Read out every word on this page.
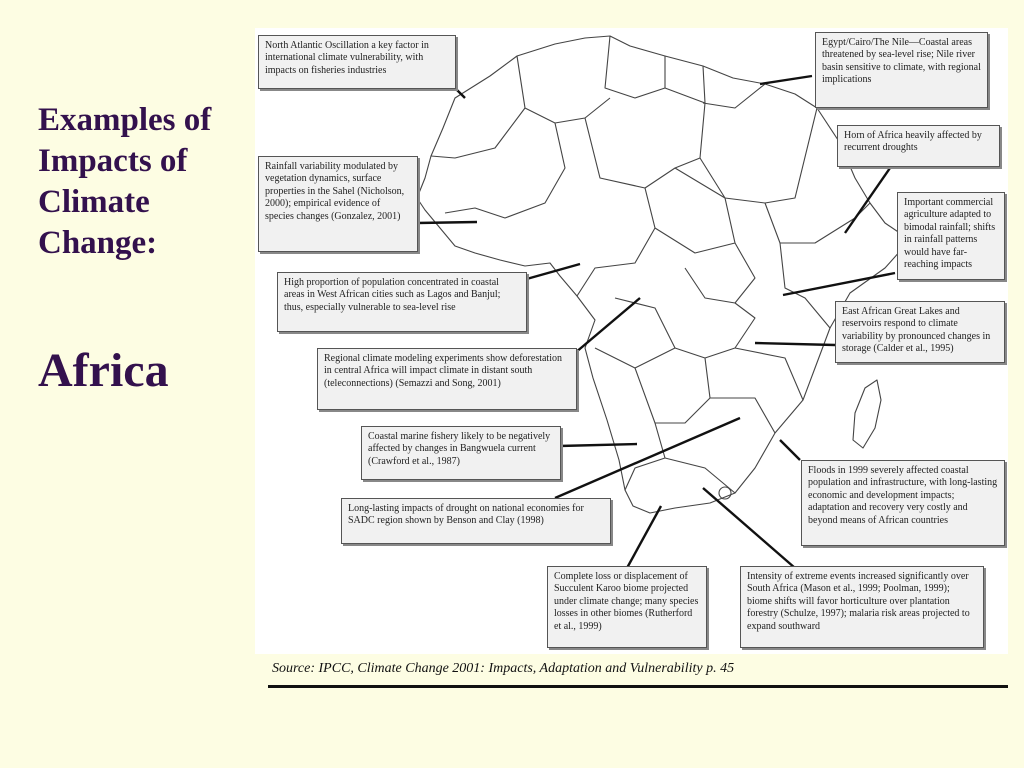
Examples of
Impacts of
Climate
Change:
Africa
North Atlantic Oscillation a key factor in international climate vulnerability, with impacts on fisheries industries
Egypt/Cairo/The Nile—Coastal areas threatened by sea-level rise; Nile river basin sensitive to climate, with regional implications
Horn of Africa heavily affected by recurrent droughts
Rainfall variability modulated by vegetation dynamics, surface properties in the Sahel (Nicholson, 2000); empirical evidence of species changes (Gonzalez, 2001)
Important commercial agriculture adapted to bimodal rainfall; shifts in rainfall patterns would have far-reaching impacts
High proportion of population concentrated in coastal areas in West African cities such as Lagos and Banjul; thus, especially vulnerable to sea-level rise	East African Great Lakes and reservoirs respond to climate variability by pronounced changes in storage (Calder et al., 1995)
Regional climate modeling experiments show deforestation in central Africa will impact climate in distant south (teleconnections) (Semazzi and Song, 2001)
Coastal marine fishery likely to be negatively affected by changes in Bangwuela current (Crawford et al., 1987)
Floods in 1999 severely affected coastal population and infrastructure, with long-lasting economic and development impacts; adaptation and recovery very costly and beyond means of African countries
Long-lasting impacts of drought on national economies for SADC region shown by Benson and Clay (1998)
Complete loss or displacement of Succulent Karoo biome projected under climate change; many species losses in other biomes (Rutherford et al., 1999)
Intensity of extreme events increased significantly over South Africa (Mason et al., 1999; Poolman, 1999); biome shifts will favor horticulture over plantation forestry (Schulze, 1997); malaria risk areas projected to expand southward
Source: IPCC, Climate Change 2001: Impacts, Adaptation and Vulnerability p. 45
